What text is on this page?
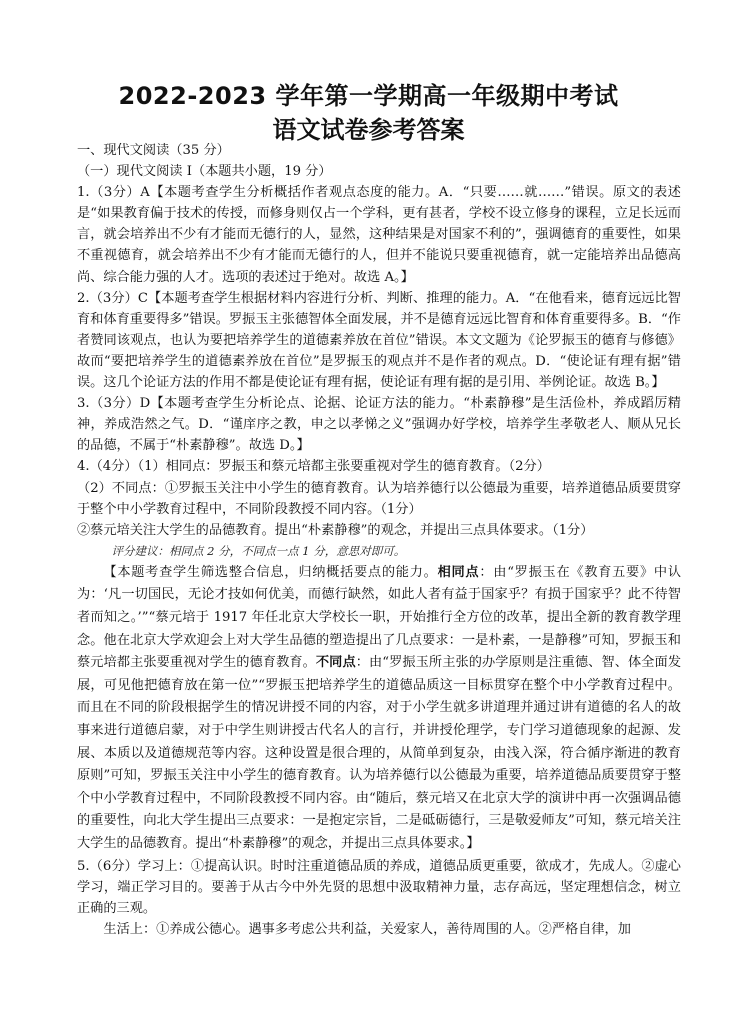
2022-2023 学年第一学期高一年级期中考试
语文试卷参考答案

一、现代文阅读（35 分）

（一）现代文阅读 I（本题共小题，19 分）

1.（3分）A【本题考查学生分析概括作者观点态度的能力。A．“只要……就……”错误。原文的表述是“如果教育偏于技术的传授，而修身则仅占一个学科，更有甚者，学校不设立修身的课程，立足长远而言，就会培养出不少有才能而无德行的人，显然，这种结果是对国家不利的”，强调德育的重要性，如果不重视德育，就会培养出不少有才能而无德行的人，但并不能说只要重视德育，就一定能培养出品德高尚、综合能力强的人才。选项的表述过于绝对。故选 A。】

2.（3分）C【本题考查学生根据材料内容进行分析、判断、推理的能力。A．“在他看来，德育远远比智育和体育重要得多”错误。罗振玉主张德智体全面发展，并不是德育远远比智育和体育重要得多。B．“作者赞同该观点，也认为要把培养学生的道德素养放在首位”错误。本文文题为《论罗振玉的德育与修德》故而“要把培养学生的道德素养放在首位”是罗振玉的观点并不是作者的观点。D．“使论证有理有据”错误。这几个论证方法的作用不都是使论证有理有据，使论证有理有据的是引用、举例论证。故选 B。】

3.（3分）D【本题考查学生分析论点、论据、论证方法的能力。“朴素静穆”是生活俭朴，养成蹈厉精神，养成浩然之气。D．“谨庠序之教，申之以孝悌之义”强调办好学校，培养学生孝敬老人、顺从兄长的品德，不属于“朴素静穆”。故选 D。】

4.（4分）（1）相同点：罗振玉和蔡元培都主张要重视对学生的德育教育。（2分）

（2）不同点：①罗振玉关注中小学生的德育教育。认为培养德行以公德最为重要，培养道德品质要贯穿于整个中小学教育过程中，不同阶段教授不同内容。（1分）

②蔡元培关注大学生的品德教育。提出“朴素静穆”的观念，并提出三点具体要求。（1分）

评分建议：相同点 2 分，不同点一点 1 分，意思对即可。

【本题考查学生筛选整合信息，归纳概括要点的能力。相同点：由“罗振玉在《教育五要》中认为：‘凡一切国民，无论才技如何优美，而德行缺然，如此人者有益于国家乎？有损于国家乎？此不待智者而知之。’”“蔡元培于 1917 年任北京大学校长一职，开始推行全方位的改革，提出全新的教育教学理念。他在北京大学欢迎会上对大学生品德的塑造提出了几点要求：一是朴素，一是静穆”可知，罗振玉和蔡元培都主张要重视对学生的德育教育。不同点：由“罗振玉所主张的办学原则是注重德、智、体全面发展，可见他把德育放在第一位”“罗振玉把培养学生的道德品质这一目标贯穿在整个中小学教育过程中。而且在不同的阶段根据学生的情况讲授不同的内容，对于小学生就多讲道理并通过讲有道德的名人的故事来进行道德启蒙，对于中学生则讲授古代名人的言行，并讲授伦理学，专门学习道德现象的起源、发展、本质以及道德规范等内容。这种设置是很合理的，从简单到复杂，由浅入深，符合循序渐进的教育原则”可知，罗振玉关注中小学生的德育教育。认为培养德行以公德最为重要，培养道德品质要贯穿于整个中小学教育过程中，不同阶段教授不同内容。由“随后，蔡元培又在北京大学的演讲中再一次强调品德的重要性，向北大学生提出三点要求：一是抱定宗旨，二是砥砺德行，三是敬爱师友”可知，蔡元培关注大学生的品德教育。提出“朴素静穆”的观念，并提出三点具体要求。】

5.（6分）学习上：①提高认识。时时注重道德品质的养成，道德品质更重要，欲成才，先成人。②虚心学习，端正学习目的。要善于从古今中外先贤的思想中汲取精神力量，志存高远，坚定理想信念，树立正确的三观。

生活上：①养成公德心。遇事多考虑公共利益，关爱家人，善待周围的人。②严格自律，加
